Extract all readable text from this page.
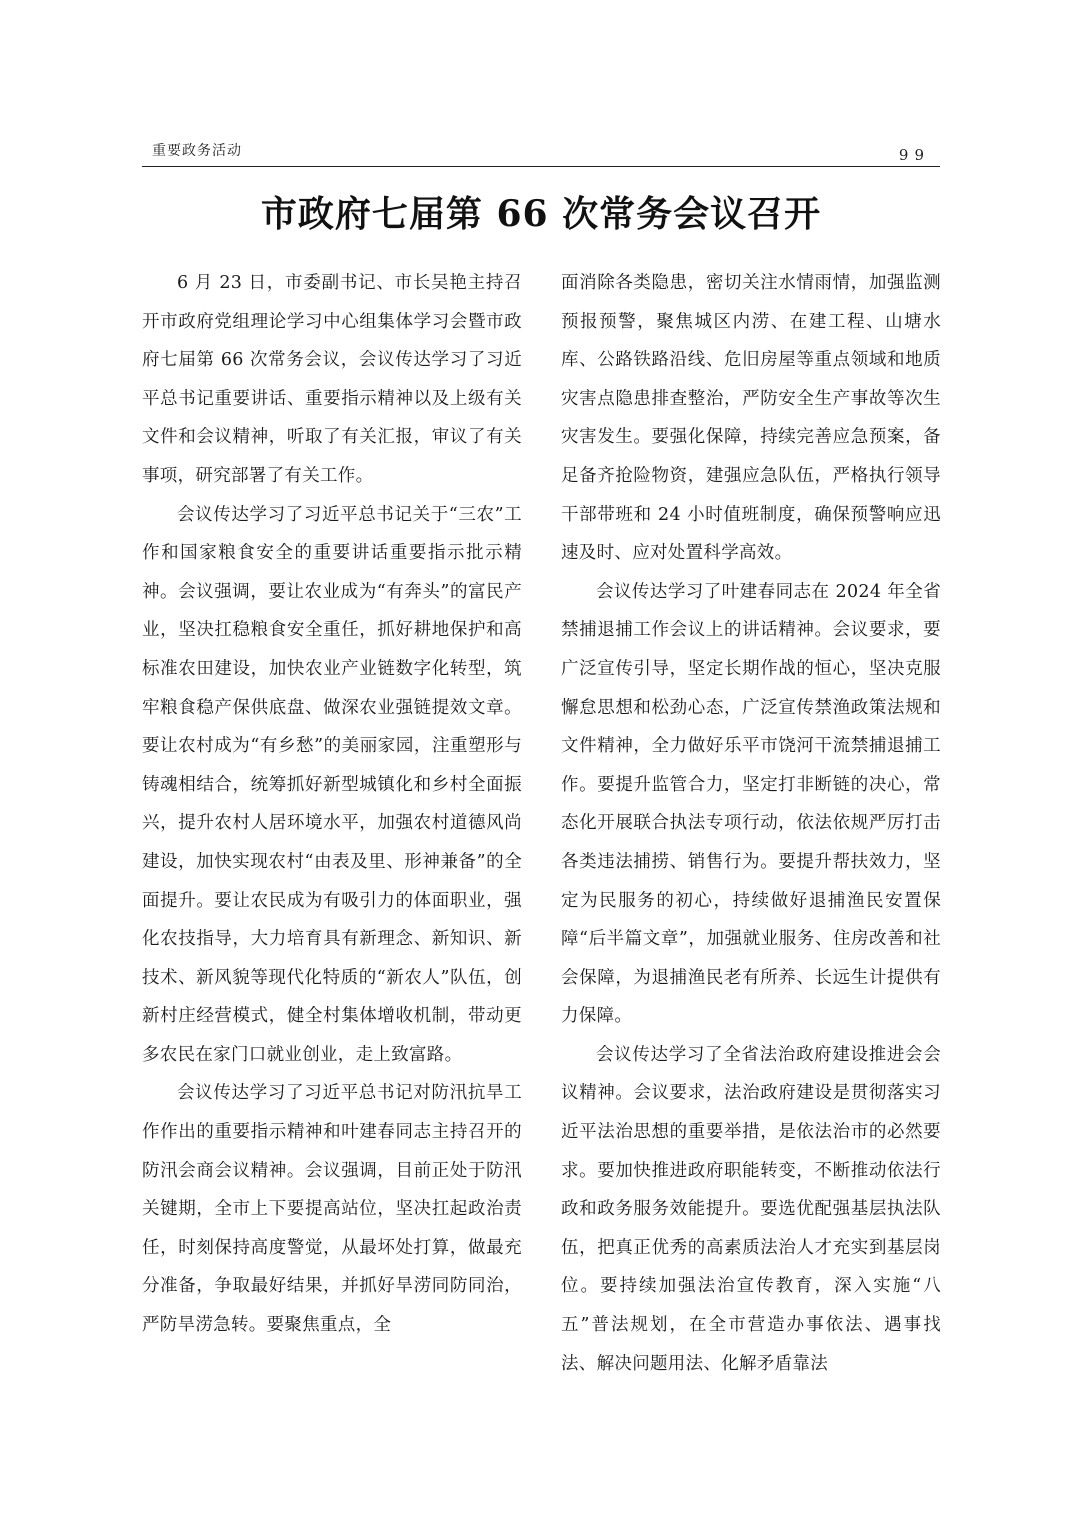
重要政务活动	99
市政府七届第 66 次常务会议召开

6 月 23 日，市委副书记、市长吴艳主持召开市政府党组理论学习中心组集体学习会暨市政府七届第 66 次常务会议，会议传达学习了习近平总书记重要讲话、重要指示精神以及上级有关文件和会议精神，听取了有关汇报，审议了有关事项，研究部署了有关工作。

会议传达学习了习近平总书记关于“三农”工作和国家粮食安全的重要讲话重要指示批示精神。会议强调，要让农业成为“有奔头”的富民产业，坚决扛稳粮食安全重任，抓好耕地保护和高标准农田建设，加快农业产业链数字化转型，筑牢粮食稳产保供底盘、做深农业强链提效文章。要让农村成为“有乡愁”的美丽家园，注重塑形与铸魂相结合，统筹抓好新型城镇化和乡村全面振兴，提升农村人居环境水平，加强农村道德风尚建设，加快实现农村“由表及里、形神兼备”的全面提升。要让农民成为有吸引力的体面职业，强化农技指导，大力培育具有新理念、新知识、新技术、新风貌等现代化特质的“新农人”队伍，创新村庄经营模式，健全村集体增收机制，带动更多农民在家门口就业创业，走上致富路。

会议传达学习了习近平总书记对防汛抗旱工作作出的重要指示精神和叶建春同志主持召开的防汛会商会议精神。会议强调，目前正处于防汛关键期，全市上下要提高站位，坚决扛起政治责任，时刻保持高度警觉，从最坏处打算，做最充分准备，争取最好结果，并抓好旱涝同防同治，严防旱涝急转。要聚焦重点，全

面消除各类隐患，密切关注水情雨情，加强监测预报预警，聚焦城区内涝、在建工程、山塘水库、公路铁路沿线、危旧房屋等重点领域和地质灾害点隐患排查整治，严防安全生产事故等次生灾害发生。要强化保障，持续完善应急预案，备足备齐抢险物资，建强应急队伍，严格执行领导干部带班和 24 小时值班制度，确保预警响应迅速及时、应对处置科学高效。

会议传达学习了叶建春同志在 2024 年全省禁捕退捕工作会议上的讲话精神。会议要求，要广泛宣传引导，坚定长期作战的恒心，坚决克服懈怠思想和松劲心态，广泛宣传禁渔政策法规和文件精神，全力做好乐平市饶河干流禁捕退捕工作。要提升监管合力，坚定打非断链的决心，常态化开展联合执法专项行动，依法依规严厉打击各类违法捕捞、销售行为。要提升帮扶效力，坚定为民服务的初心，持续做好退捕渔民安置保障“后半篇文章”，加强就业服务、住房改善和社会保障，为退捕渔民老有所养、长远生计提供有力保障。

会议传达学习了全省法治政府建设推进会会议精神。会议要求，法治政府建设是贯彻落实习近平法治思想的重要举措，是依法治市的必然要求。要加快推进政府职能转变，不断推动依法行政和政务服务效能提升。要选优配强基层执法队伍，把真正优秀的高素质法治人才充实到基层岗位。要持续加强法治宣传教育，深入实施“八五”普法规划，在全市营造办事依法、遇事找法、解决问题用法、化解矛盾靠法
